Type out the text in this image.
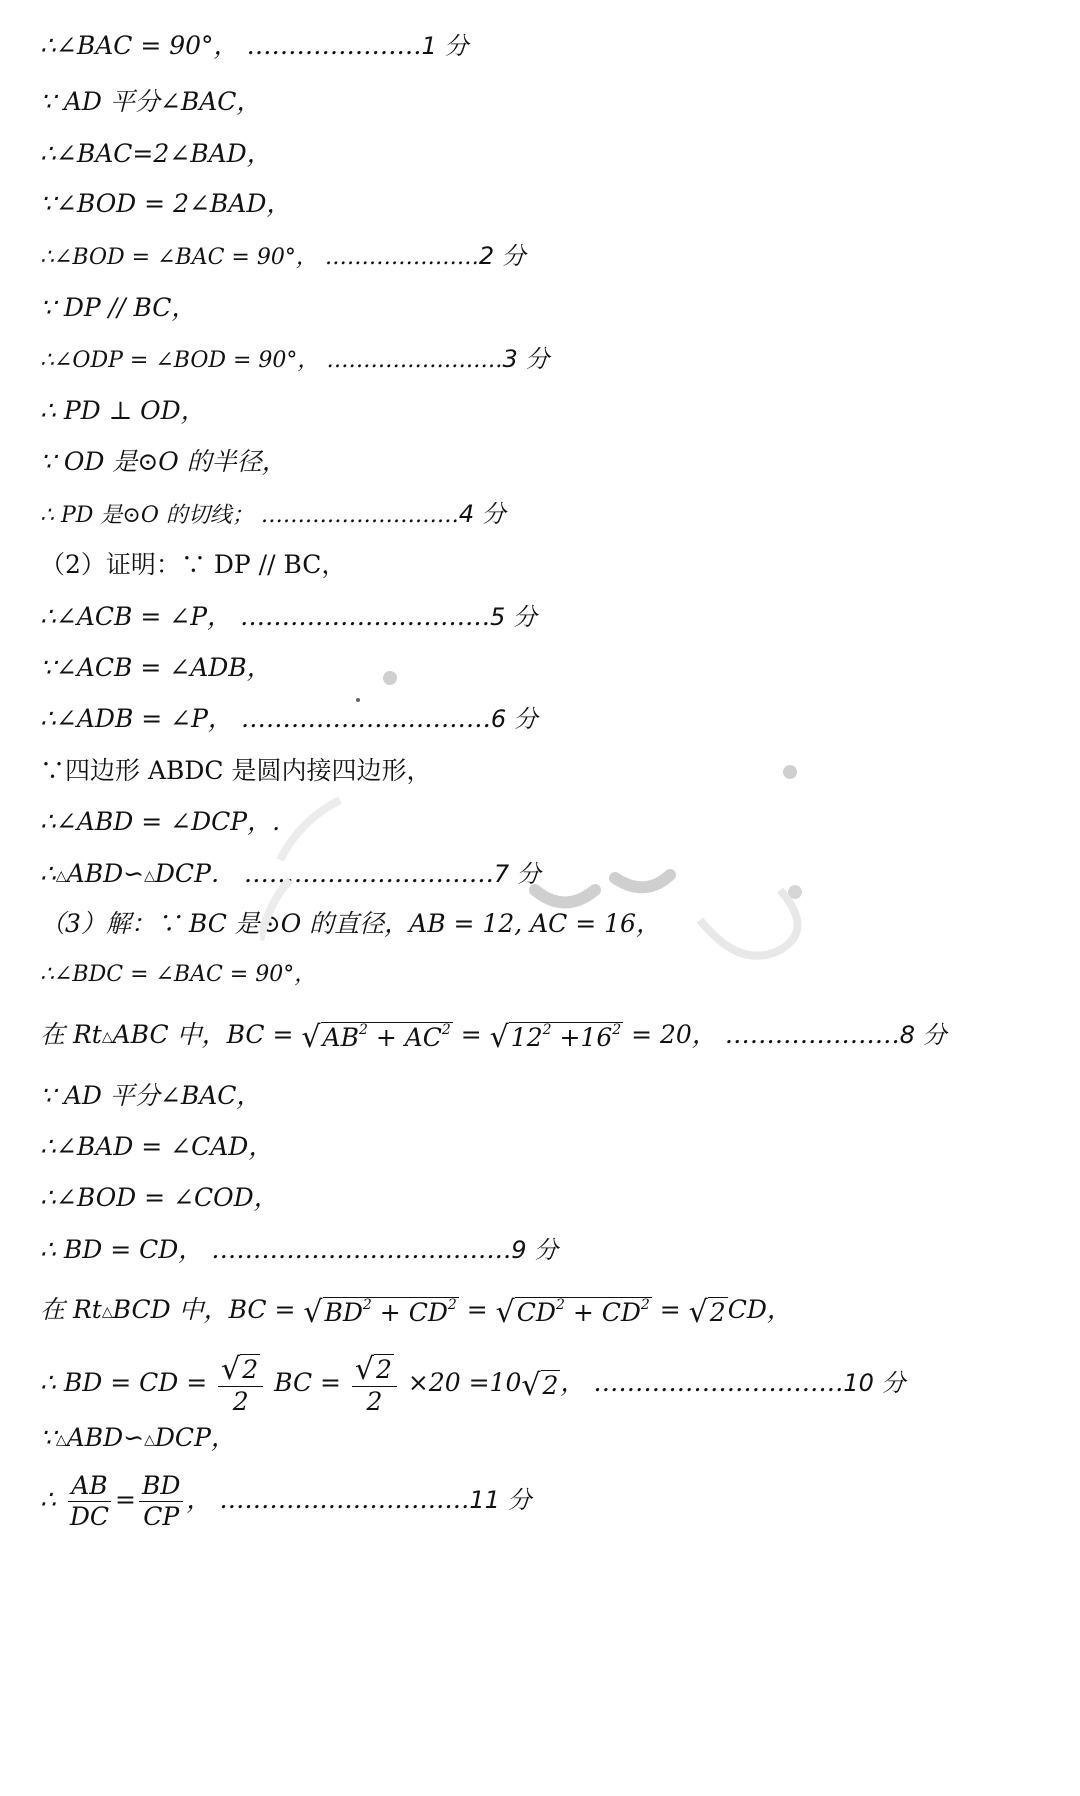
∴∠BAC = 90°， …………………1 分
∵ AD 平分∠BAC，
∴∠BAC=2∠BAD，
∵∠BOD = 2∠BAD，
∴∠BOD = ∠BAC = 90°， …………………2 分
∵ DP // BC，
∴∠ODP = ∠BOD = 90°， ……………………3 分
∴ PD ⊥ OD，
∵ OD 是⊙O 的半径，
∴ PD 是⊙O 的切线； ………………………4 分
（2）证明：∵ DP // BC，
∴∠ACB = ∠P， …………………………5 分
∵∠ACB = ∠ADB，
∴∠ADB = ∠P， …………………………6 分
∵四边形 ABDC 是圆内接四边形，
∴∠ABD = ∠DCP，.
∴△ABD∽△DCP． …………………………7 分
（3）解：∵ BC 是⊙O 的直径，AB = 12, AC = 16，
∴∠BDC = ∠BAC = 90°，
在 Rt△ABC 中，BC = √ $AB^2 + AC^2$ = √ $12^2 +16^2 = 20$， …………………8 分
∵ AD 平分∠BAC，
∴∠BAD = ∠CAD，
∴∠BOD = ∠COD，
∴ BD = CD， ………………………………9 分
在 Rt△BCD 中，BC = √ $BD^2 + CD^2$ = √ $CD^2 + CD^2$ = √ 2 CD，
∴ BD = CD = $\frac{√ 2}{2}$ BC = $\frac{√ 2}{2} \times 20 =10$ √ 2 ， …………………………10 分
∵△ABD∽△DCP，
∴ $\frac{AB}{DC} = \frac{BD}{CP}$ ， …………………………11 分
